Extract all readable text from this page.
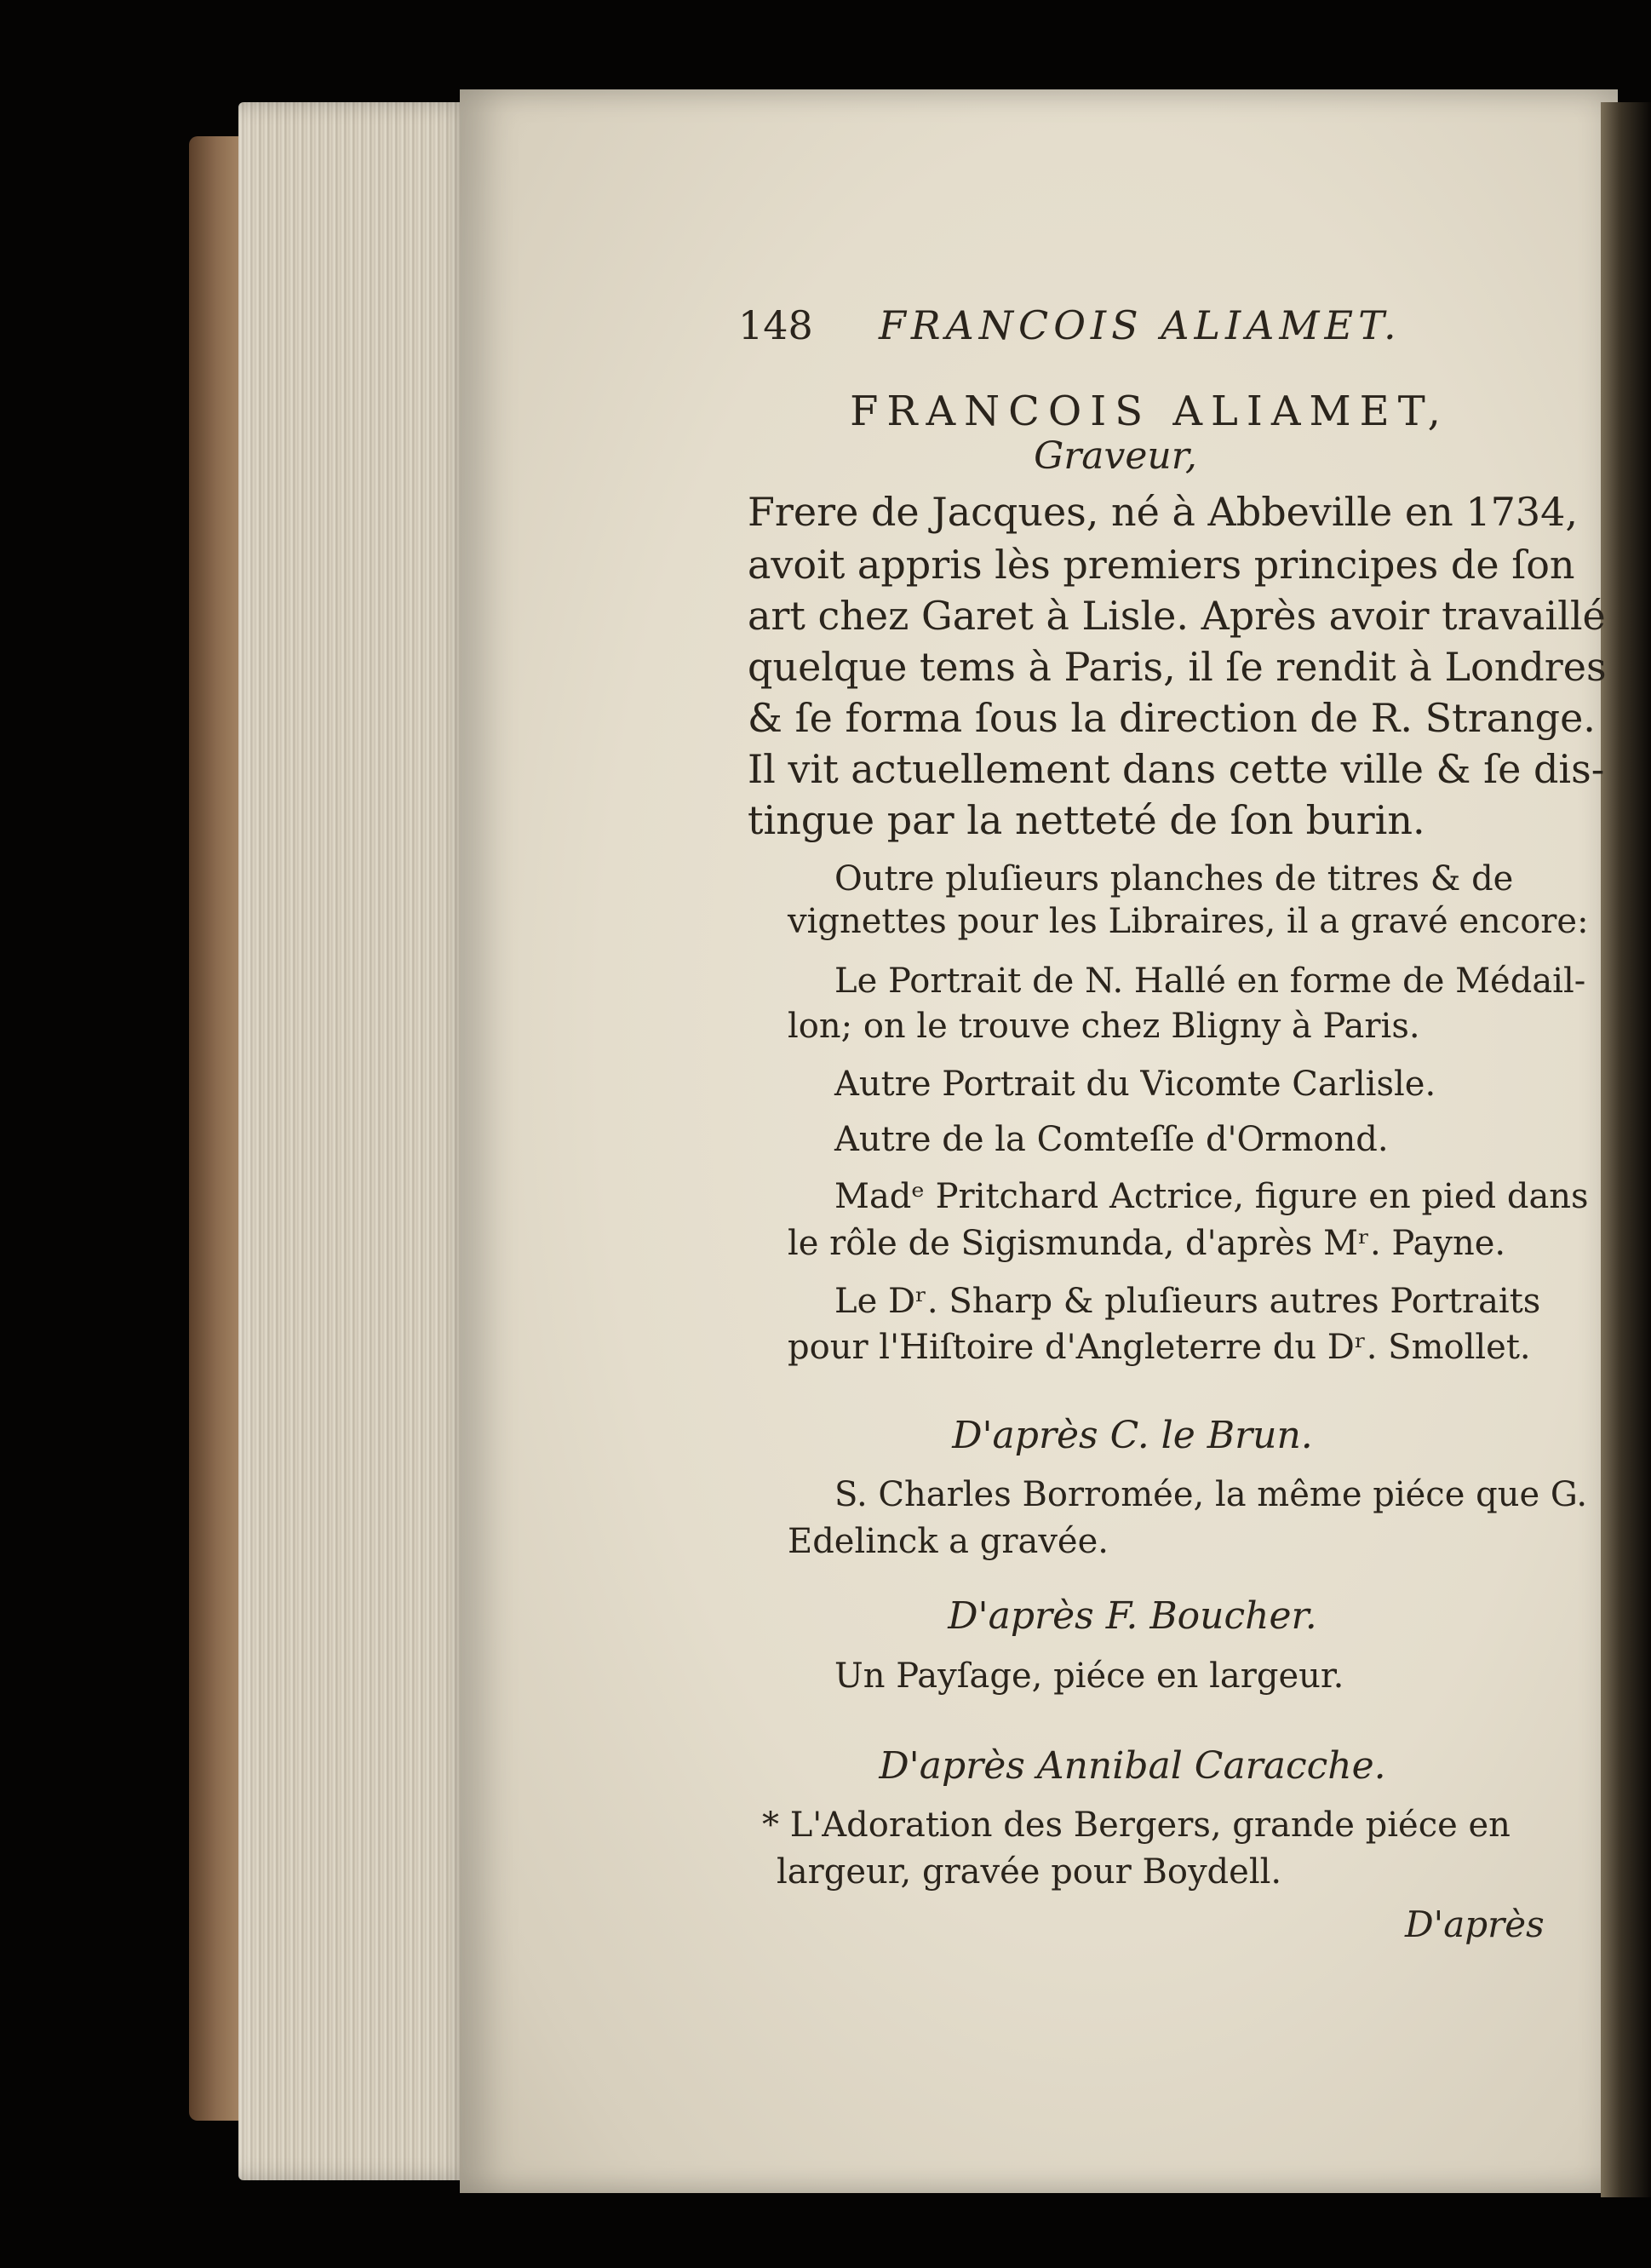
148 FRANCOIS ALIAMET.
FRANCOIS ALIAMET,
Graveur,
Frere de Jacques, né à Abbeville en 1734,
avoit appris lès premiers principes de ſon
art chez Garet à Lisle. Après avoir travaillé
quelque tems à Paris, il ſe rendit à Londres
& ſe forma ſous la direction de R. Strange.
Il vit actuellement dans cette ville & ſe dis-
tingue par la netteté de ſon burin.
Outre pluſieurs planches de titres & de
vignettes pour les Libraires, il a gravé encore:
Le Portrait de N. Hallé en forme de Médail-
lon; on le trouve chez Bligny à Paris.
Autre Portrait du Vicomte Carlisle.
Autre de la Comteſſe d'Ormond.
Madᵉ Pritchard Actrice, figure en pied dans
le rôle de Sigismunda, d'après Mʳ. Payne.
Le Dʳ. Sharp & pluſieurs autres Portraits
pour l'Hiſtoire d'Angleterre du Dʳ. Smollet.
D'après C. le Brun.
S. Charles Borromée, la même piéce que G.
Edelinck a gravée.
D'après F. Boucher.
Un Payſage, piéce en largeur.
D'après Annibal Caracche.
* L'Adoration des Bergers, grande piéce en
largeur, gravée pour Boydell.
D'après
